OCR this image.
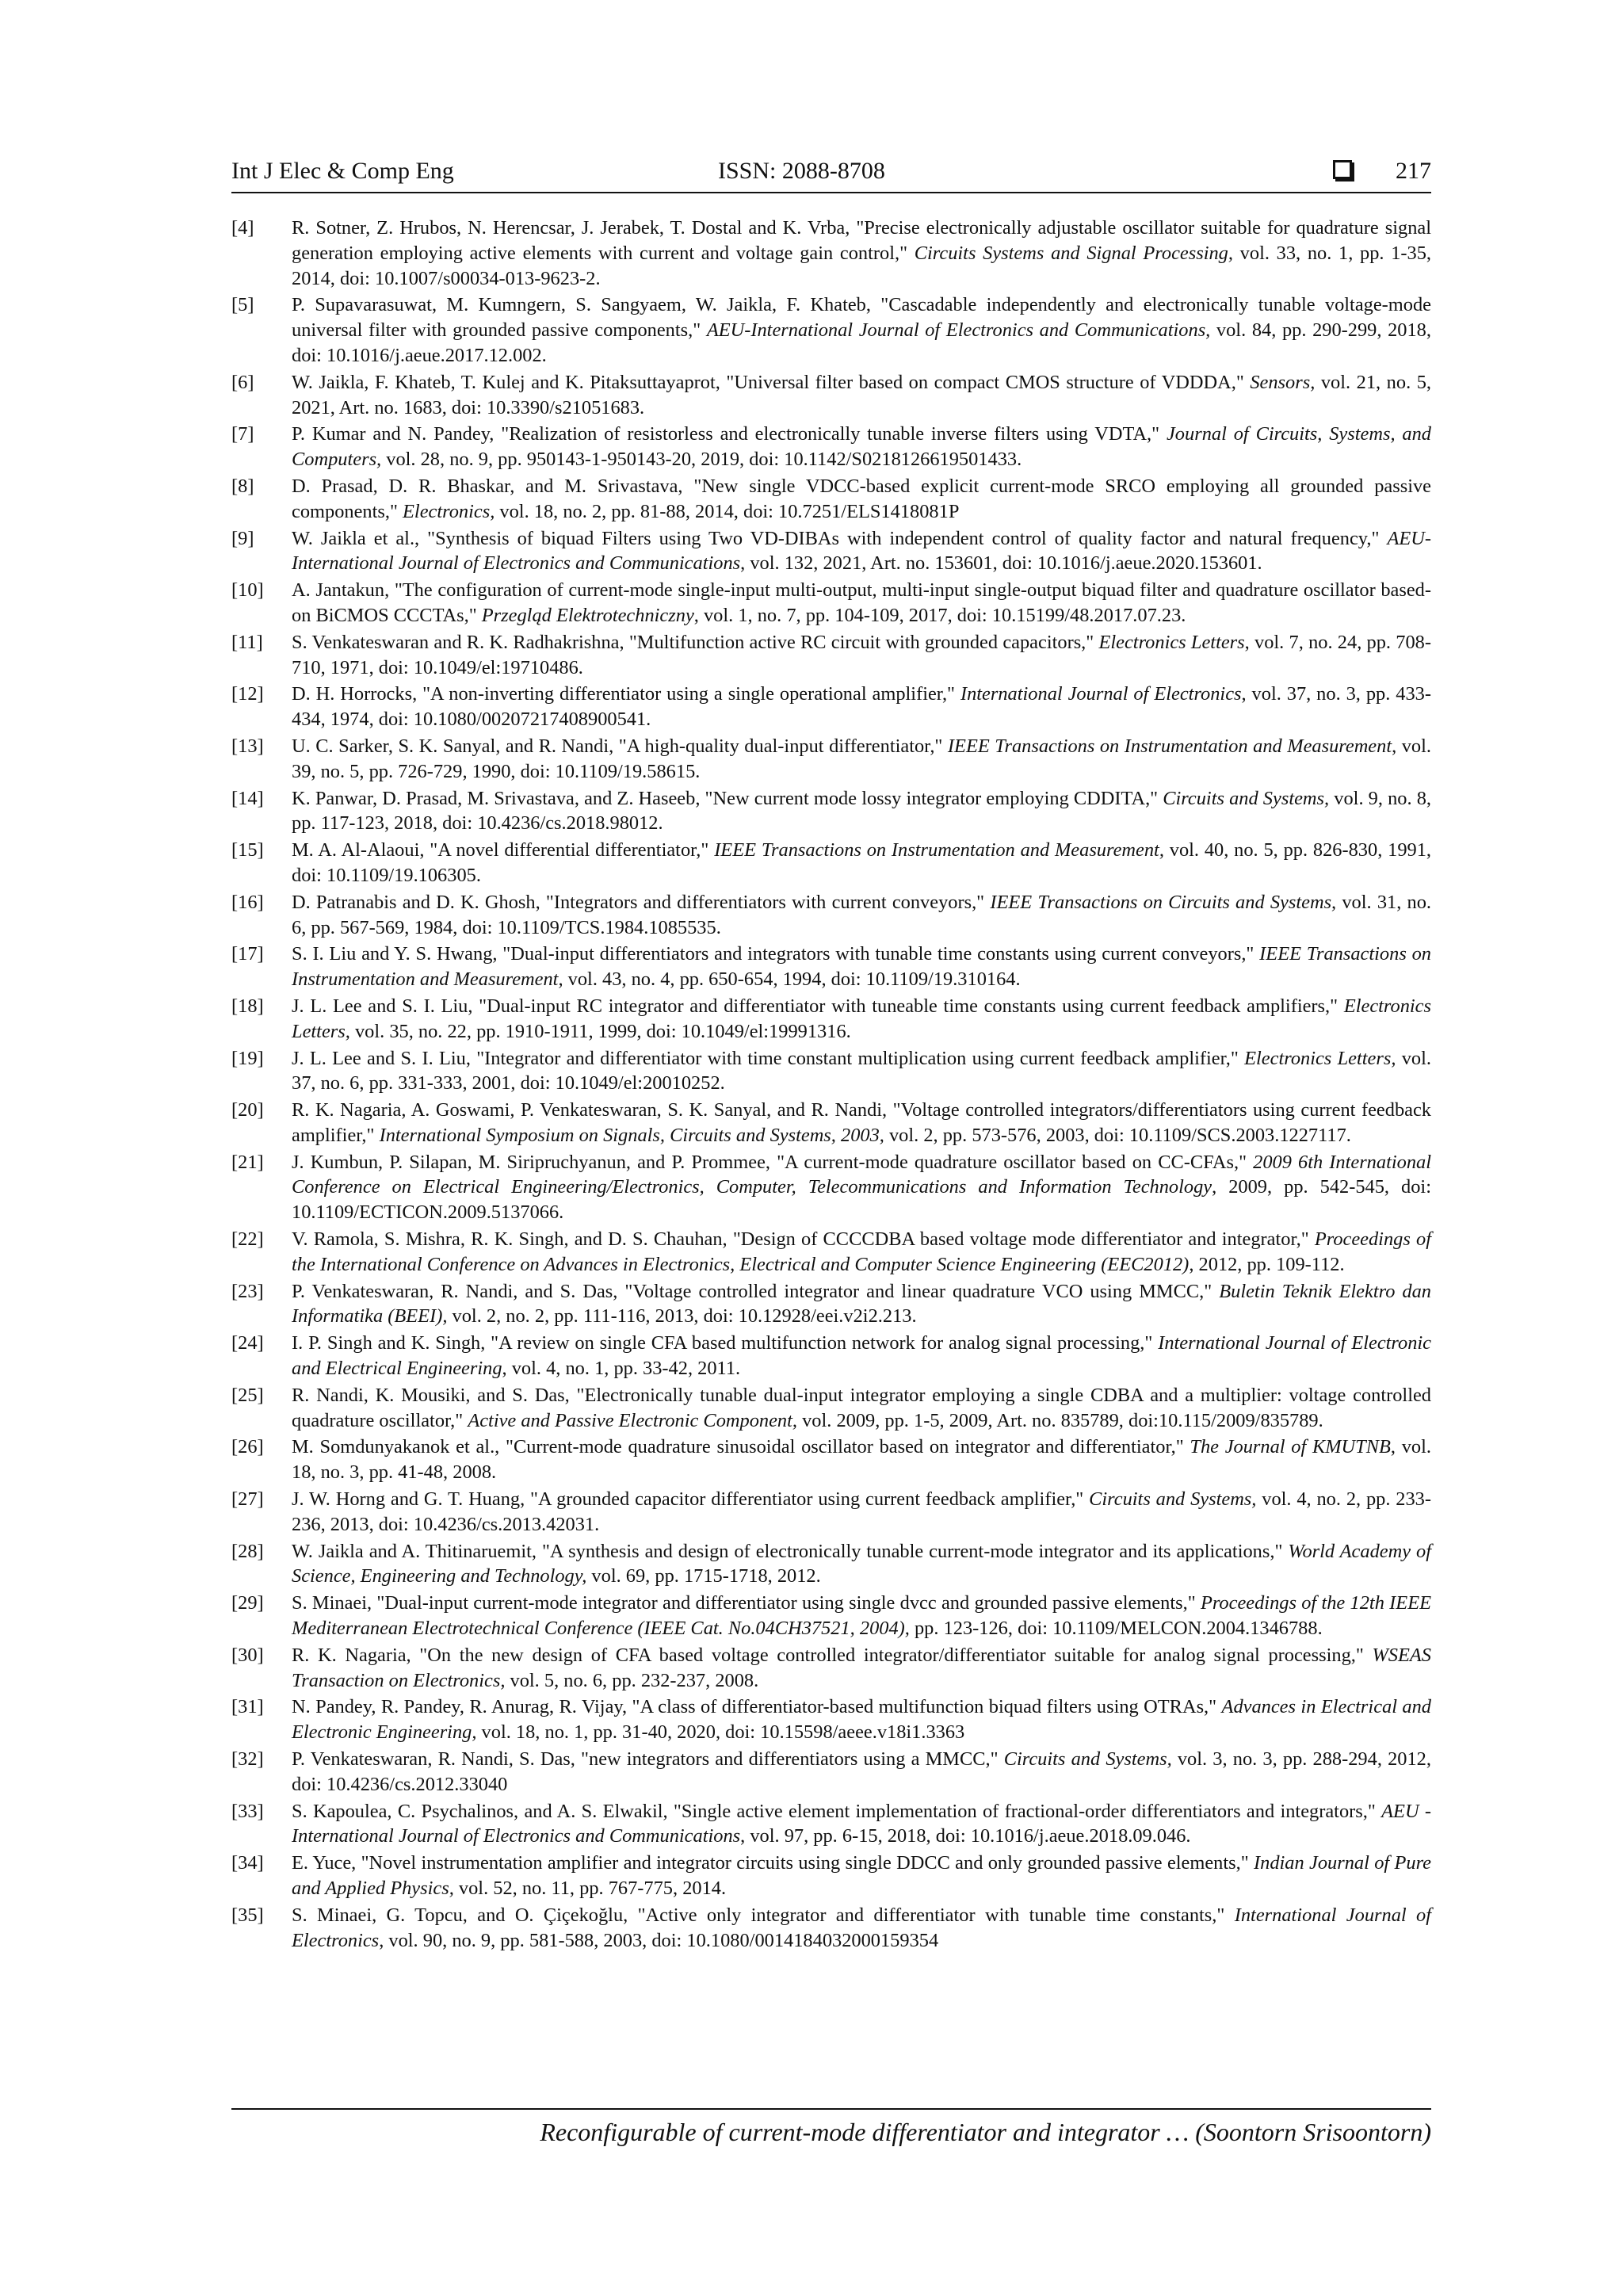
Int J Elec & Comp Eng	ISSN: 2088-8708	217

[4] R. Sotner, Z. Hrubos, N. Herencsar, J. Jerabek, T. Dostal and K. Vrba, "Precise electronically adjustable oscillator suitable for quadrature signal generation employing active elements with current and voltage gain control," Circuits Systems and Signal Processing, vol. 33, no. 1, pp. 1-35, 2014, doi: 10.1007/s00034-013-9623-2.

[5] P. Supavarasuwat, M. Kumngern, S. Sangyaem, W. Jaikla, F. Khateb, "Cascadable independently and electronically tunable voltage-mode universal filter with grounded passive components," AEU-International Journal of Electronics and Communications, vol. 84, pp. 290-299, 2018, doi: 10.1016/j.aeue.2017.12.002.

[6] W. Jaikla, F. Khateb, T. Kulej and K. Pitaksuttayaprot, "Universal filter based on compact CMOS structure of VDDDA," Sensors, vol. 21, no. 5, 2021, Art. no. 1683, doi: 10.3390/s21051683.

[7] P. Kumar and N. Pandey, "Realization of resistorless and electronically tunable inverse filters using VDTA," Journal of Circuits, Systems, and Computers, vol. 28, no. 9, pp. 950143-1-950143-20, 2019, doi: 10.1142/S0218126619501433.

[8] D. Prasad, D. R. Bhaskar, and M. Srivastava, "New single VDCC-based explicit current-mode SRCO employing all grounded passive components," Electronics, vol. 18, no. 2, pp. 81-88, 2014, doi: 10.7251/ELS1418081P

[9] W. Jaikla et al., "Synthesis of biquad Filters using Two VD-DIBAs with independent control of quality factor and natural frequency," AEU-International Journal of Electronics and Communications, vol. 132, 2021, Art. no. 153601, doi: 10.1016/j.aeue.2020.153601.

[10] A. Jantakun, "The configuration of current-mode single-input multi-output, multi-input single-output biquad filter and quadrature oscillator based-on BiCMOS CCCTAs," Przegląd Elektrotechniczny, vol. 1, no. 7, pp. 104-109, 2017, doi: 10.15199/48.2017.07.23.

[11] S. Venkateswaran and R. K. Radhakrishna, "Multifunction active RC circuit with grounded capacitors," Electronics Letters, vol. 7, no. 24, pp. 708-710, 1971, doi: 10.1049/el:19710486.

[12] D. H. Horrocks, "A non-inverting differentiator using a single operational amplifier," International Journal of Electronics, vol. 37, no. 3, pp. 433-434, 1974, doi: 10.1080/00207217408900541.

[13] U. C. Sarker, S. K. Sanyal, and R. Nandi, "A high-quality dual-input differentiator," IEEE Transactions on Instrumentation and Measurement, vol. 39, no. 5, pp. 726-729, 1990, doi: 10.1109/19.58615.

[14] K. Panwar, D. Prasad, M. Srivastava, and Z. Haseeb, "New current mode lossy integrator employing CDDITA," Circuits and Systems, vol. 9, no. 8, pp. 117-123, 2018, doi: 10.4236/cs.2018.98012.

[15] M. A. Al-Alaoui, "A novel differential differentiator," IEEE Transactions on Instrumentation and Measurement, vol. 40, no. 5, pp. 826-830, 1991, doi: 10.1109/19.106305.

[16] D. Patranabis and D. K. Ghosh, "Integrators and differentiators with current conveyors," IEEE Transactions on Circuits and Systems, vol. 31, no. 6, pp. 567-569, 1984, doi: 10.1109/TCS.1984.1085535.

[17] S. I. Liu and Y. S. Hwang, "Dual-input differentiators and integrators with tunable time constants using current conveyors," IEEE Transactions on Instrumentation and Measurement, vol. 43, no. 4, pp. 650-654, 1994, doi: 10.1109/19.310164.

[18] J. L. Lee and S. I. Liu, "Dual-input RC integrator and differentiator with tuneable time constants using current feedback amplifiers," Electronics Letters, vol. 35, no. 22, pp. 1910-1911, 1999, doi: 10.1049/el:19991316.

[19] J. L. Lee and S. I. Liu, "Integrator and differentiator with time constant multiplication using current feedback amplifier," Electronics Letters, vol. 37, no. 6, pp. 331-333, 2001, doi: 10.1049/el:20010252.

[20] R. K. Nagaria, A. Goswami, P. Venkateswaran, S. K. Sanyal, and R. Nandi, "Voltage controlled integrators/differentiators using current feedback amplifier," International Symposium on Signals, Circuits and Systems, 2003, vol. 2, pp. 573-576, 2003, doi: 10.1109/SCS.2003.1227117.

[21] J. Kumbun, P. Silapan, M. Siripruchyanun, and P. Prommee, "A current-mode quadrature oscillator based on CC-CFAs," 2009 6th International Conference on Electrical Engineering/Electronics, Computer, Telecommunications and Information Technology, 2009, pp. 542-545, doi: 10.1109/ECTICON.2009.5137066.

[22] V. Ramola, S. Mishra, R. K. Singh, and D. S. Chauhan, "Design of CCCCDBA based voltage mode differentiator and integrator," Proceedings of the International Conference on Advances in Electronics, Electrical and Computer Science Engineering (EEC2012), 2012, pp. 109-112.

[23] P. Venkateswaran, R. Nandi, and S. Das, "Voltage controlled integrator and linear quadrature VCO using MMCC," Buletin Teknik Elektro dan Informatika (BEEI), vol. 2, no. 2, pp. 111-116, 2013, doi: 10.12928/eei.v2i2.213.

[24] I. P. Singh and K. Singh, "A review on single CFA based multifunction network for analog signal processing," International Journal of Electronic and Electrical Engineering, vol. 4, no. 1, pp. 33-42, 2011.

[25] R. Nandi, K. Mousiki, and S. Das, "Electronically tunable dual-input integrator employing a single CDBA and a multiplier: voltage controlled quadrature oscillator," Active and Passive Electronic Component, vol. 2009, pp. 1-5, 2009, Art. no. 835789, doi:10.115/2009/835789.

[26] M. Somdunyakanok et al., "Current-mode quadrature sinusoidal oscillator based on integrator and differentiator," The Journal of KMUTNB, vol. 18, no. 3, pp. 41-48, 2008.

[27] J. W. Horng and G. T. Huang, "A grounded capacitor differentiator using current feedback amplifier," Circuits and Systems, vol. 4, no. 2, pp. 233-236, 2013, doi: 10.4236/cs.2013.42031.

[28] W. Jaikla and A. Thitinaruemit, "A synthesis and design of electronically tunable current-mode integrator and its applications," World Academy of Science, Engineering and Technology, vol. 69, pp. 1715-1718, 2012.

[29] S. Minaei, "Dual-input current-mode integrator and differentiator using single dvcc and grounded passive elements," Proceedings of the 12th IEEE Mediterranean Electrotechnical Conference (IEEE Cat. No.04CH37521, 2004), pp. 123-126, doi: 10.1109/MELCON.2004.1346788.

[30] R. K. Nagaria, "On the new design of CFA based voltage controlled integrator/differentiator suitable for analog signal processing," WSEAS Transaction on Electronics, vol. 5, no. 6, pp. 232-237, 2008.

[31] N. Pandey, R. Pandey, R. Anurag, R. Vijay, "A class of differentiator-based multifunction biquad filters using OTRAs," Advances in Electrical and Electronic Engineering, vol. 18, no. 1, pp. 31-40, 2020, doi: 10.15598/aeee.v18i1.3363

[32] P. Venkateswaran, R. Nandi, S. Das, "new integrators and differentiators using a MMCC," Circuits and Systems, vol. 3, no. 3, pp. 288-294, 2012, doi: 10.4236/cs.2012.33040

[33] S. Kapoulea, C. Psychalinos, and A. S. Elwakil, "Single active element implementation of fractional-order differentiators and integrators," AEU - International Journal of Electronics and Communications, vol. 97, pp. 6-15, 2018, doi: 10.1016/j.aeue.2018.09.046.

[34] E. Yuce, "Novel instrumentation amplifier and integrator circuits using single DDCC and only grounded passive elements," Indian Journal of Pure and Applied Physics, vol. 52, no. 11, pp. 767-775, 2014.

[35] S. Minaei, G. Topcu, and O. Çiçekoğlu, "Active only integrator and differentiator with tunable time constants," International Journal of Electronics, vol. 90, no. 9, pp. 581-588, 2003, doi: 10.1080/0014184032000159354

Reconfigurable of current-mode differentiator and integrator … (Soontorn Srisoontorn)
